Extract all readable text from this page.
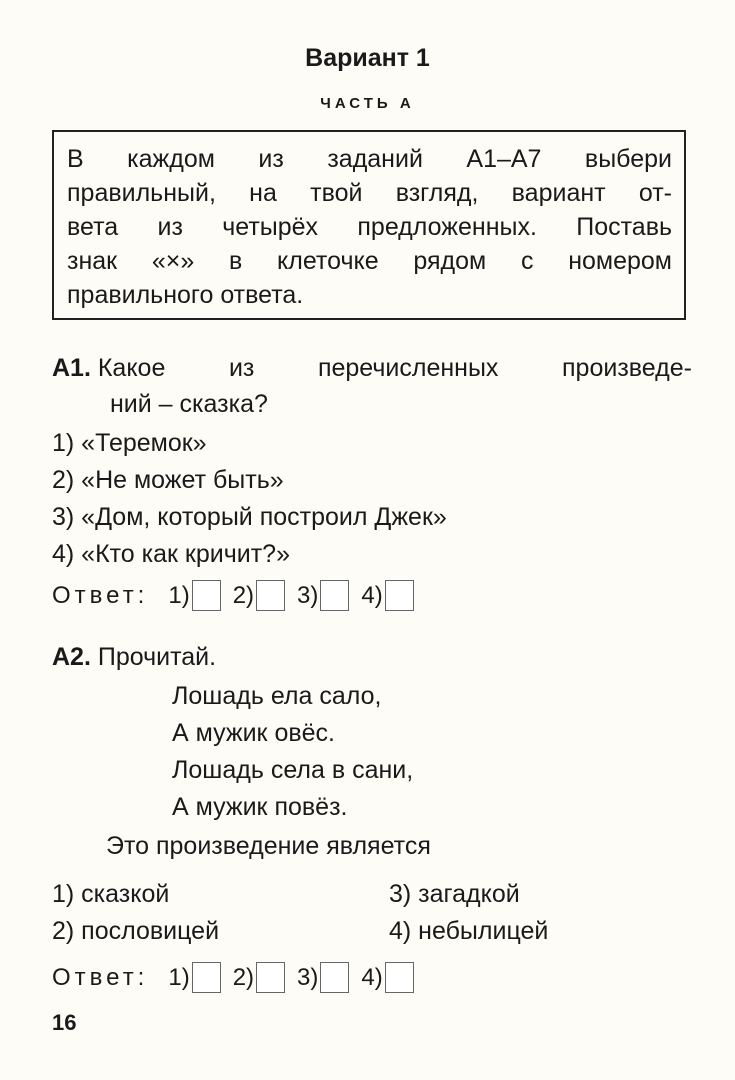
Вариант 1
ЧАСТЬ А
В каждом из заданий А1–А7 выбери
правильный, на твой взгляд, вариант от-
вета из четырёх предложенных. Поставь
знак «×» в клеточке рядом с номером
правильного ответа.
А1. Какое	из	перечисленных	произведе-
ний – сказка?
1) «Теремок»
2) «Не может быть»
3) «Дом, который построил Джек»
4) «Кто как кричит?»
Ответ: 1) 2) 3) 4)
А2. Прочитай.
Лошадь ела сало,
А мужик овёс.
Лошадь села в сани,
А мужик повёз.
Это произведение является
1) сказкой	3) загадкой
2) пословицей	4) небылицей
Ответ: 1) 2) 3) 4)
16
